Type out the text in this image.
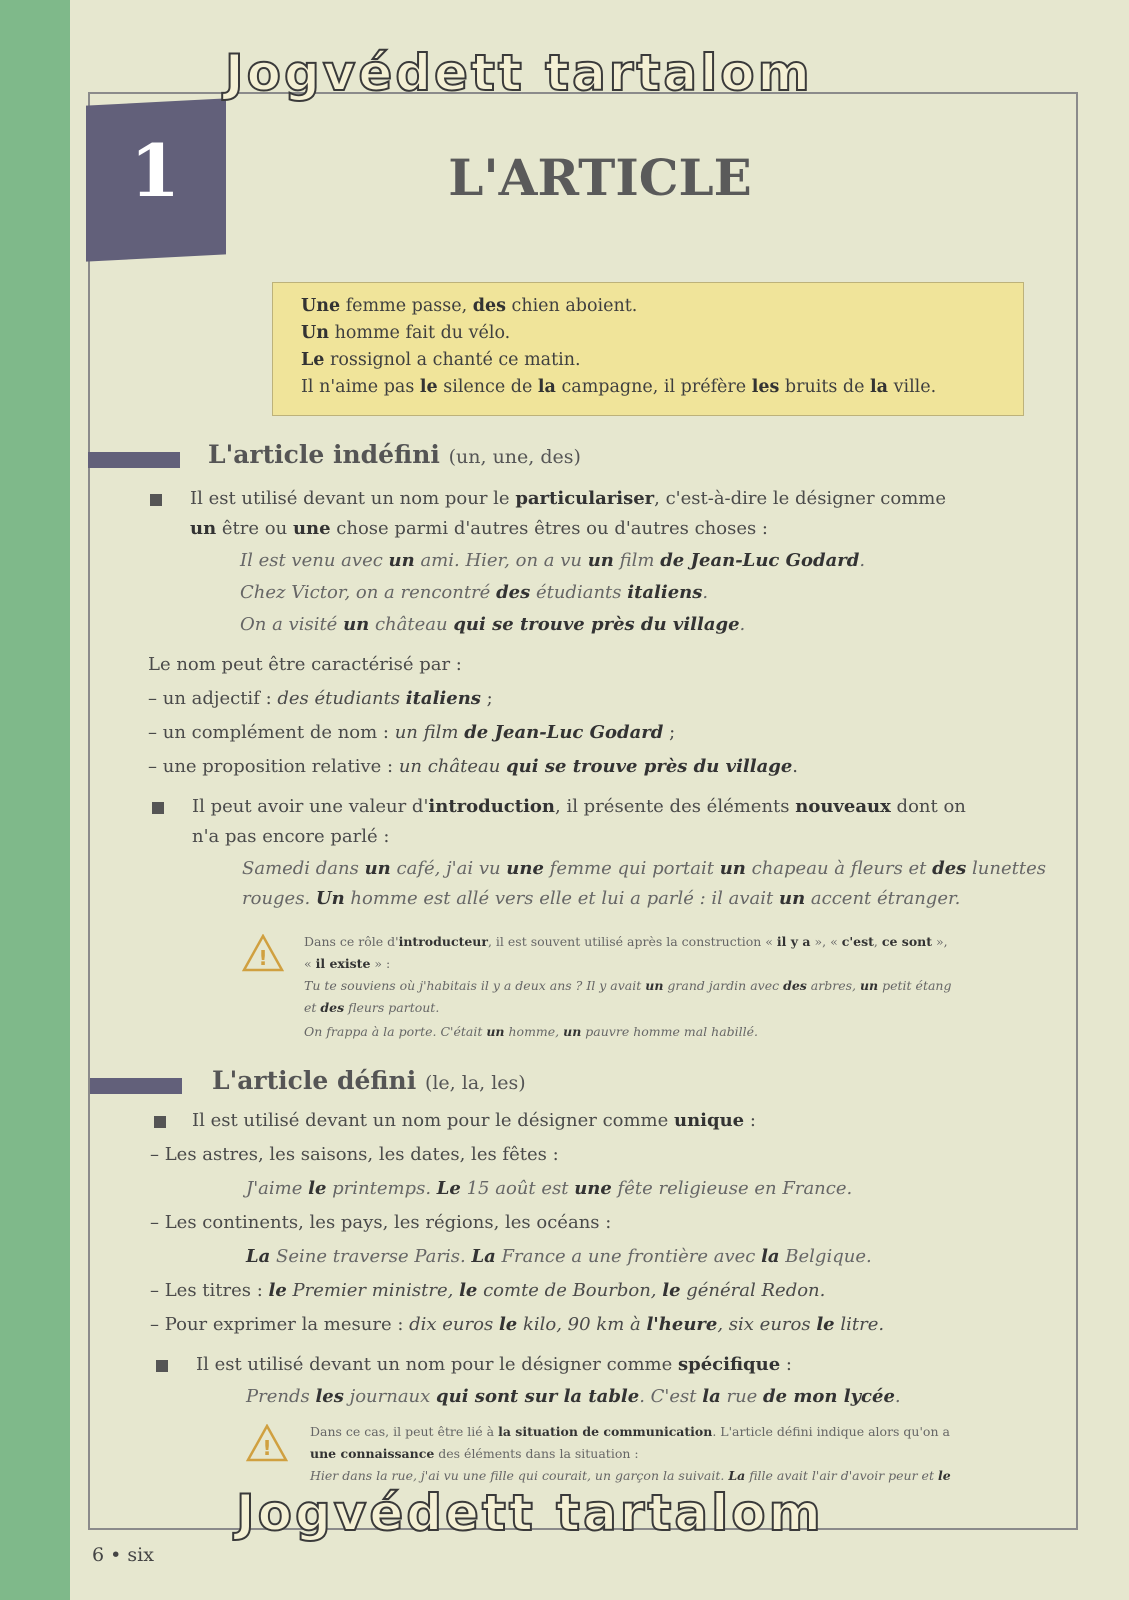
1	L'ARTICLE
Jogvédett tartalom

Une femme passe, des chien aboient.

Un homme fait du vélo.

Le rossignol a chanté ce matin.

Il n'aime pas le silence de la campagne, il préfère les bruits de la ville.

L'article indéfini (un, une, des)
!
L'article défini (le, la, les)
!
Il est utilisé devant un nom pour le particulariser, c'est-à-dire le désigner comme
un être ou une chose parmi d'autres êtres ou d'autres choses :
Il est venu avec un ami. Hier, on a vu un film de Jean-Luc Godard.
Chez Victor, on a rencontré des étudiants italiens.
On a visité un château qui se trouve près du village.
Le nom peut être caractérisé par :
– un adjectif : des étudiants italiens ;
– un complément de nom : un film de Jean-Luc Godard ;
– une proposition relative : un château qui se trouve près du village.
Il peut avoir une valeur d'introduction, il présente des éléments nouveaux dont on
n'a pas encore parlé :
Samedi dans un café, j'ai vu une femme qui portait un chapeau à fleurs et des lunettes
rouges. Un homme est allé vers elle et lui a parlé : il avait un accent étranger.
Il est utilisé devant un nom pour le désigner comme unique :
– Les astres, les saisons, les dates, les fêtes :
J'aime le printemps. Le 15 août est une fête religieuse en France.
– Les continents, les pays, les régions, les océans :
La Seine traverse Paris. La France a une frontière avec la Belgique.
– Les titres : le Premier ministre, le comte de Bourbon, le général Redon.
– Pour exprimer la mesure : dix euros le kilo, 90 km à l'heure, six euros le litre.
Il est utilisé devant un nom pour le désigner comme spécifique :
Prends les journaux qui sont sur la table. C'est la rue de mon lycée.
Dans ce rôle d'introducteur, il est souvent utilisé après la construction « il y a », « c'est, ce sont »,
« il existe » :
Tu te souviens où j'habitais il y a deux ans ? Il y avait un grand jardin avec des arbres, un petit étang
et des fleurs partout.
On frappa à la porte. C'était un homme, un pauvre homme mal habillé.
Dans ce cas, il peut être lié à la situation de communication. L'article défini indique alors qu'on a
une connaissance des éléments dans la situation :
Hier dans la rue, j'ai vu une fille qui courait, un garçon la suivait. La fille avait l'air d'avoir peur et le
Jogvédett tartalom
6 • six
